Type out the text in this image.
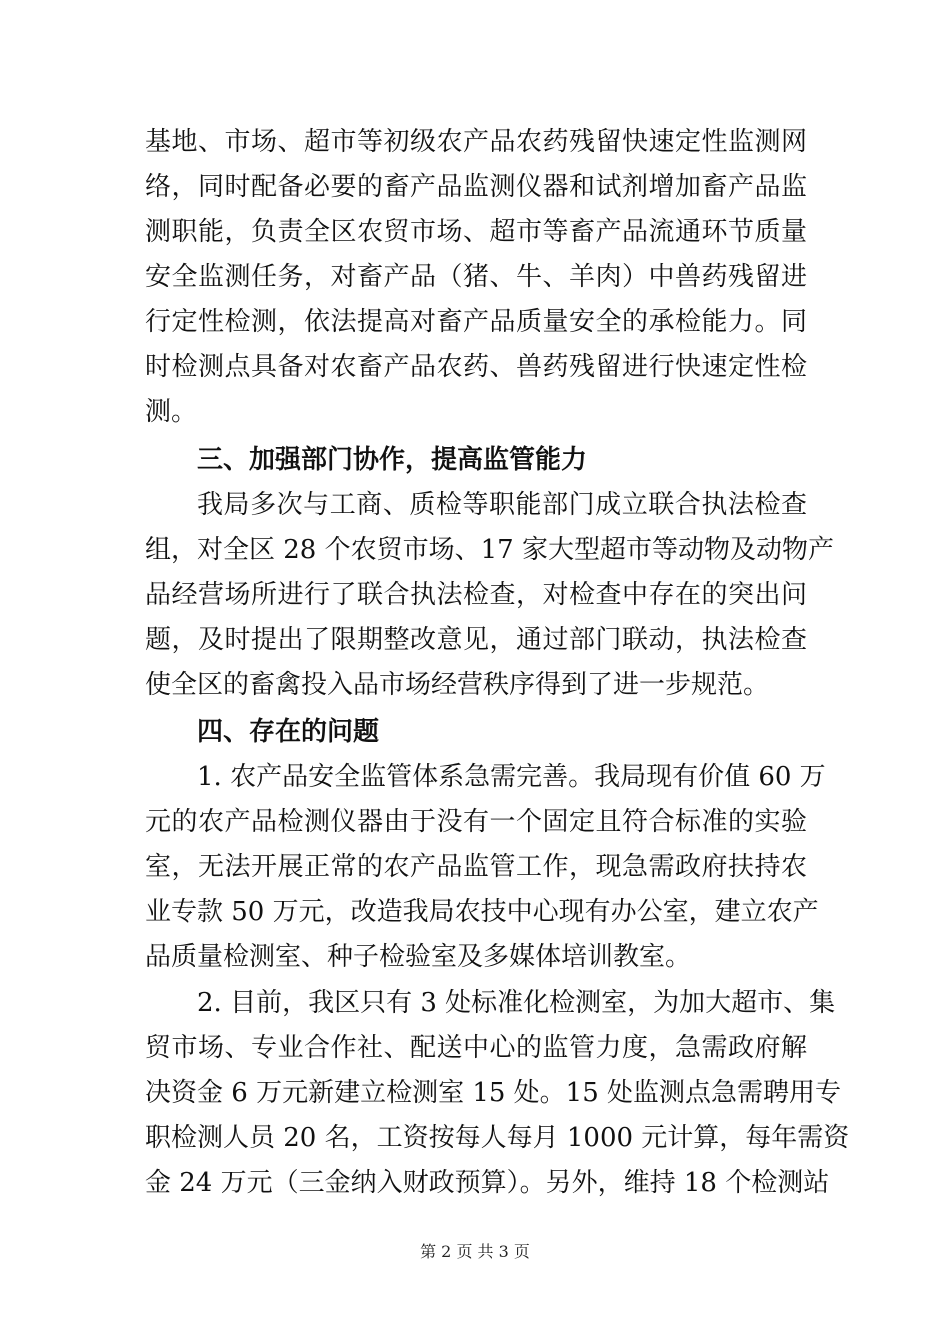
基地、市场、超市等初级农产品农药残留快速定性监测网
络，同时配备必要的畜产品监测仪器和试剂增加畜产品监
测职能，负责全区农贸市场、超市等畜产品流通环节质量
安全监测任务，对畜产品（猪、牛、羊肉）中兽药残留进
行定性检测，依法提高对畜产品质量安全的承检能力。同
时检测点具备对农畜产品农药、兽药残留进行快速定性检
测。
三、加强部门协作，提高监管能力
我局多次与工商、质检等职能部门成立联合执法检查
组，对全区 28 个农贸市场、17 家大型超市等动物及动物产
品经营场所进行了联合执法检查，对检查中存在的突出问
题，及时提出了限期整改意见，通过部门联动，执法检查
使全区的畜禽投入品市场经营秩序得到了进一步规范。
四、存在的问题
1. 农产品安全监管体系急需完善。我局现有价值 60 万
元的农产品检测仪器由于没有一个固定且符合标准的实验
室，无法开展正常的农产品监管工作，现急需政府扶持农
业专款 50 万元，改造我局农技中心现有办公室，建立农产
品质量检测室、种子检验室及多媒体培训教室。
2. 目前，我区只有 3 处标准化检测室，为加大超市、集
贸市场、专业合作社、配送中心的监管力度，急需政府解
决资金 6 万元新建立检测室 15 处。15 处监测点急需聘用专
职检测人员 20 名，工资按每人每月 1000 元计算，每年需资
金 24 万元（三金纳入财政预算）。另外，维持 18 个检测站
第 2 页 共 3 页
